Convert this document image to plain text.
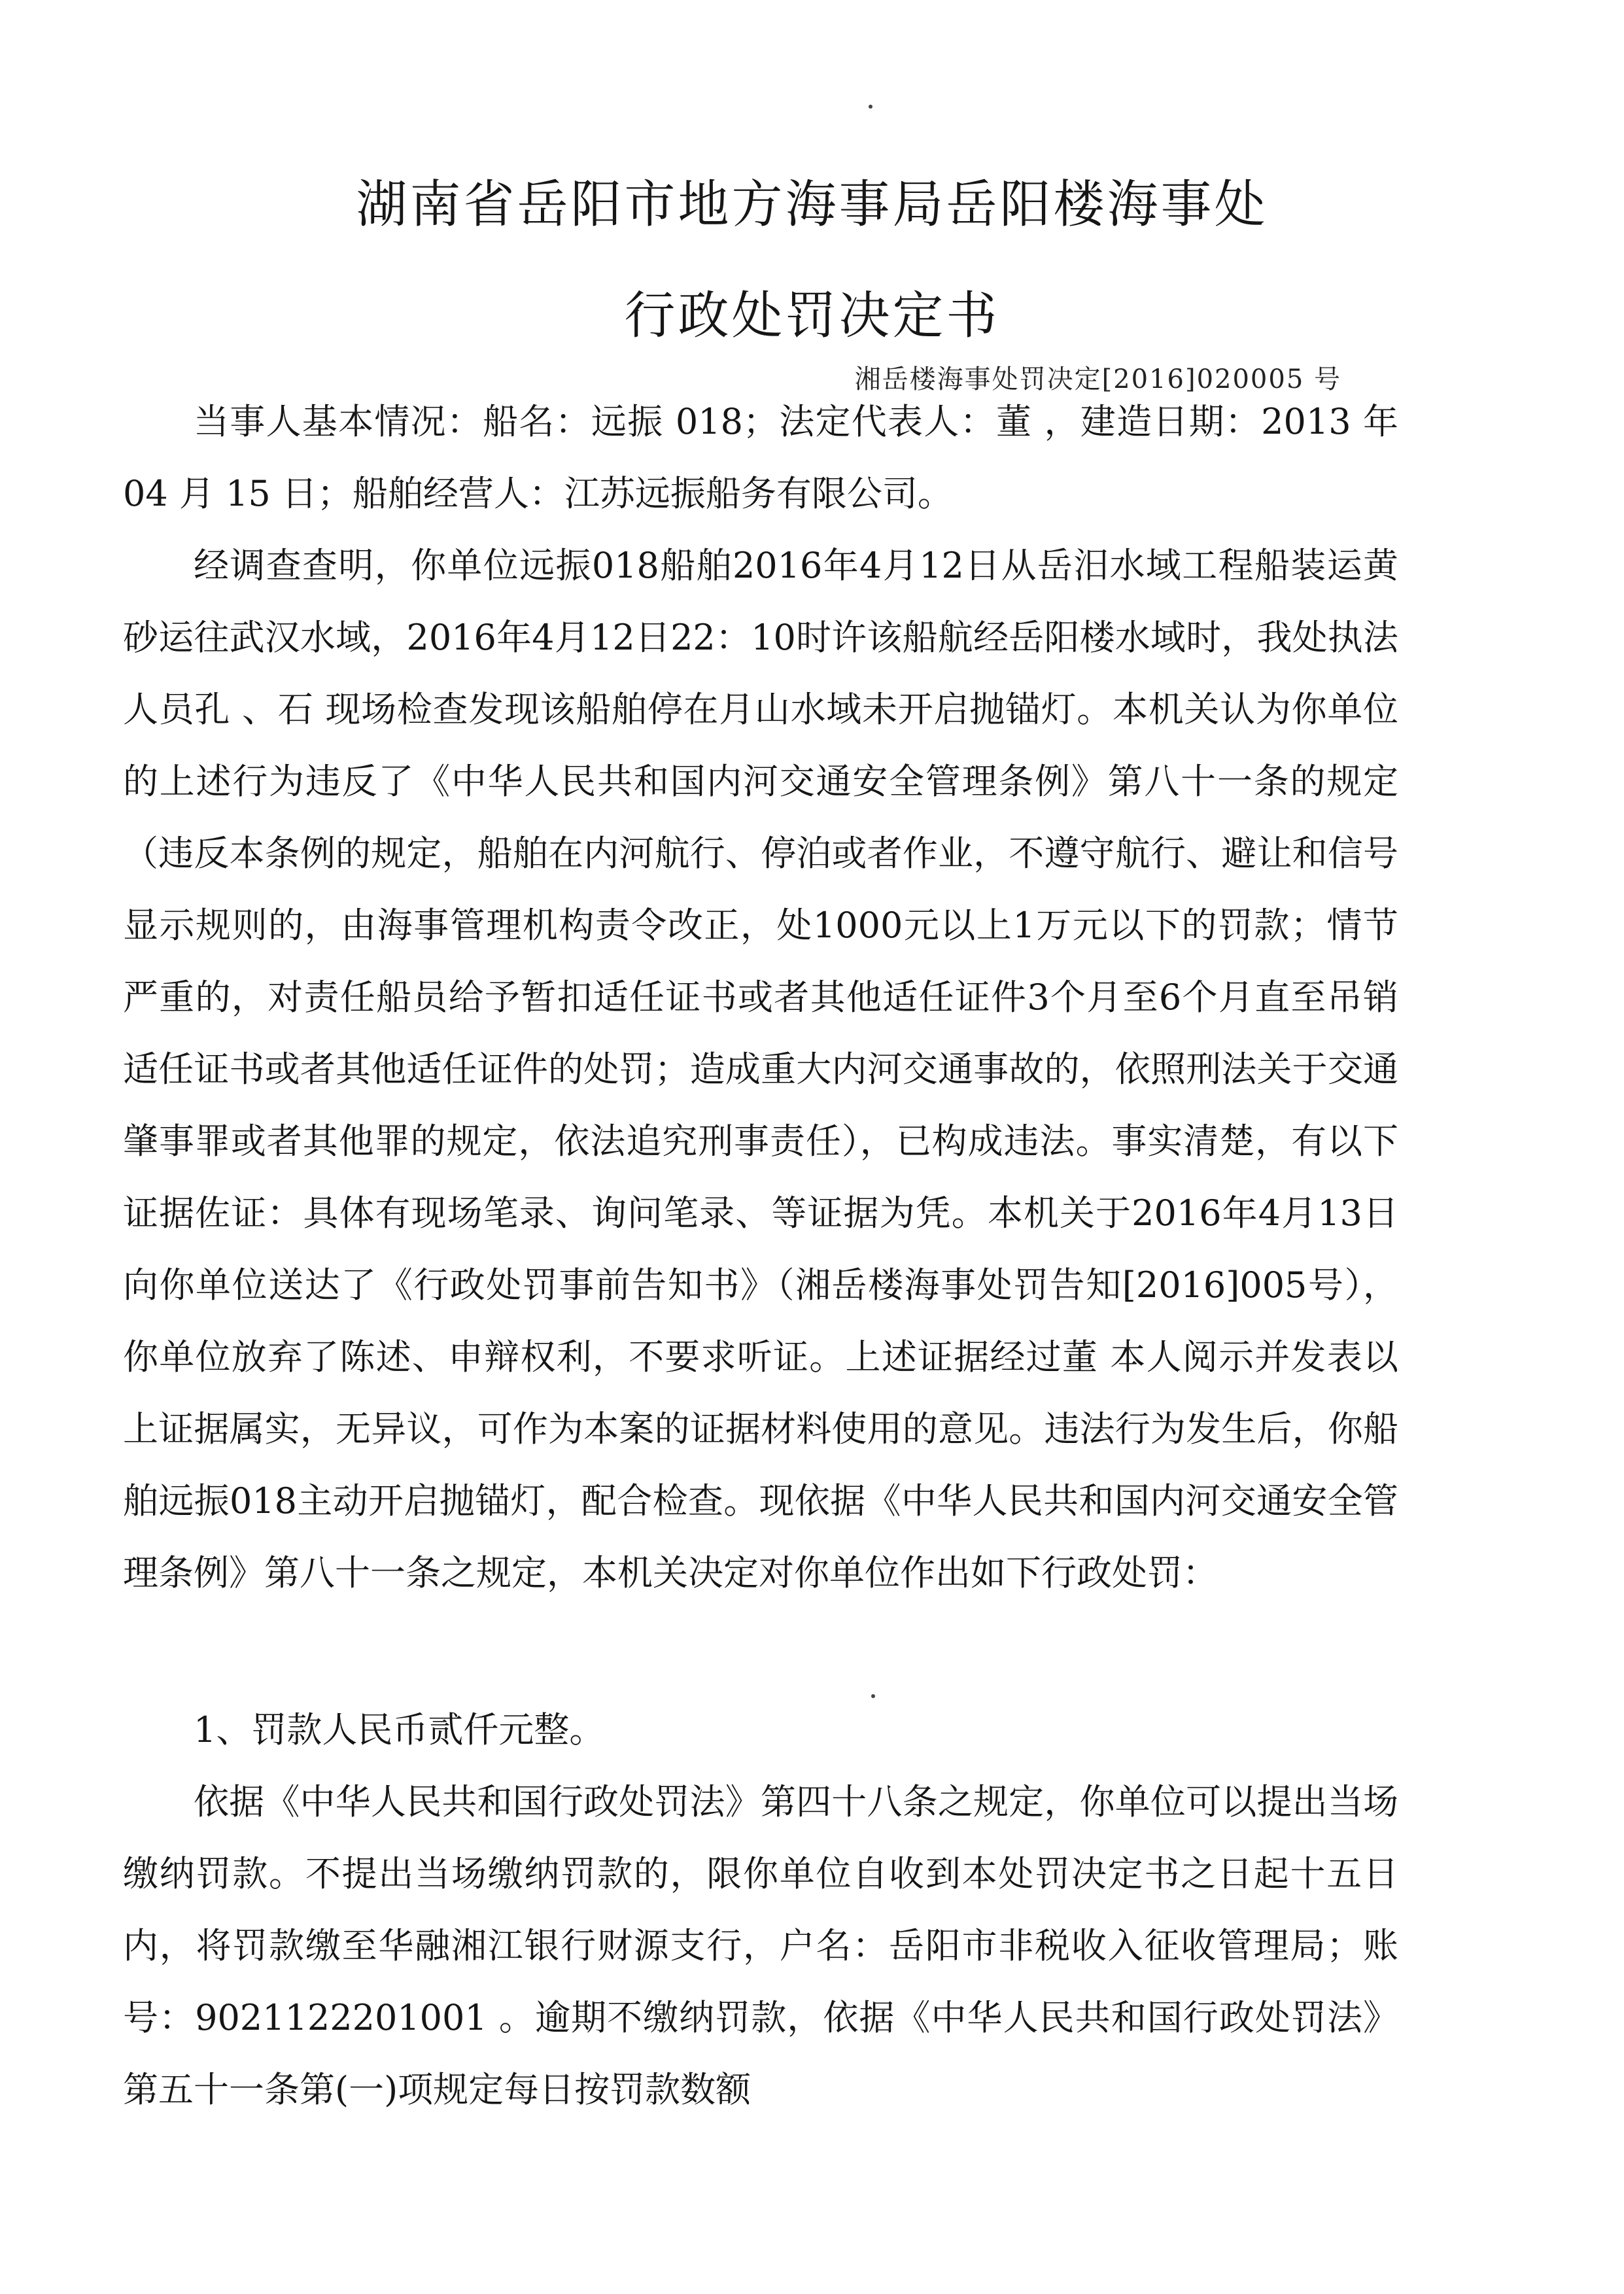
湖南省岳阳市地方海事局岳阳楼海事处
行政处罚决定书
湘岳楼海事处罚决定[2016]020005 号

当事人基本情况：船名：远振 018；法定代表人：董 ，建造日期：2013 年 04 月 15 日；船舶经营人：江苏远振船务有限公司。

经调查查明，你单位远振018船舶2016年4月12日从岳汨水域工程船装运黄砂运往武汉水域，2016年4月12日22：10时许该船航经岳阳楼水域时，我处执法人员孔 、石 现场检查发现该船舶停在月山水域未开启抛锚灯。本机关认为你单位的上述行为违反了《中华人民共和国内河交通安全管理条例》第八十一条的规定（违反本条例的规定，船舶在内河航行、停泊或者作业，不遵守航行、避让和信号显示规则的，由海事管理机构责令改正，处1000元以上1万元以下的罚款；情节严重的，对责任船员给予暂扣适任证书或者其他适任证件3个月至6个月直至吊销适任证书或者其他适任证件的处罚；造成重大内河交通事故的，依照刑法关于交通肇事罪或者其他罪的规定，依法追究刑事责任），已构成违法。事实清楚，有以下证据佐证：具体有现场笔录、询问笔录、等证据为凭。本机关于2016年4月13日向你单位送达了《行政处罚事前告知书》（湘岳楼海事处罚告知[2016]005号），你单位放弃了陈述、申辩权利，不要求听证。上述证据经过董 本人阅示并发表以上证据属实，无异议，可作为本案的证据材料使用的意见。违法行为发生后，你船舶远振018主动开启抛锚灯，配合检查。现依据《中华人民共和国内河交通安全管理条例》第八十一条之规定，本机关决定对你单位作出如下行政处罚：

1、罚款人民币贰仟元整。

依据《中华人民共和国行政处罚法》第四十八条之规定，你单位可以提出当场缴纳罚款。不提出当场缴纳罚款的，限你单位自收到本处罚决定书之日起十五日内，将罚款缴至华融湘江银行财源支行，户名：岳阳市非税收入征收管理局；账号：9021122201001 。逾期不缴纳罚款，依据《中华人民共和国行政处罚法》第五十一条第(一)项规定每日按罚款数额
